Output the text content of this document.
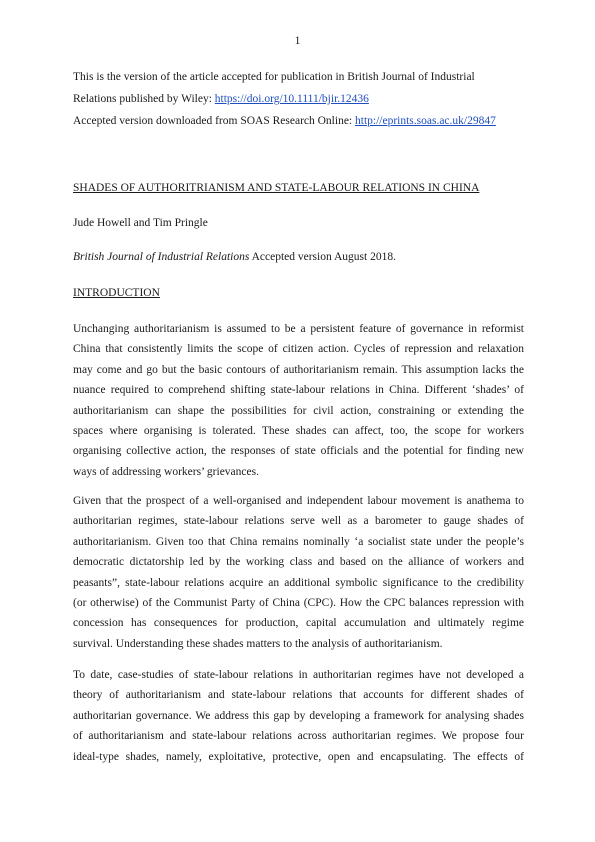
1
This is the version of the article accepted for publication in British Journal of Industrial
Relations published by Wiley: https://doi.org/10.1111/bjir.12436
Accepted version downloaded from SOAS Research Online: http://eprints.soas.ac.uk/29847
SHADES OF AUTHORITRIANISM AND STATE-LABOUR RELATIONS IN CHINA
Jude Howell and Tim Pringle
British Journal of Industrial Relations Accepted version August 2018.
INTRODUCTION
Unchanging authoritarianism is assumed to be a persistent feature of governance in reformist
China that consistently limits the scope of citizen action. Cycles of repression and relaxation
may come and go but the basic contours of authoritarianism remain. This assumption lacks the
nuance required to comprehend shifting state-labour relations in China. Different ‘shades’ of
authoritarianism can shape the possibilities for civil action, constraining or extending the
spaces where organising is tolerated. These shades can affect, too, the scope for workers
organising collective action, the responses of state officials and the potential for finding new
ways of addressing workers’ grievances.
Given that the prospect of a well-organised and independent labour movement is anathema to
authoritarian regimes, state-labour relations serve well as a barometer to gauge shades of
authoritarianism. Given too that China remains nominally ‘a socialist state under the people’s
democratic dictatorship led by the working class and based on the alliance of workers and
peasants”, state-labour relations acquire an additional symbolic significance to the credibility
(or otherwise) of the Communist Party of China (CPC). How the CPC balances repression with
concession has consequences for production, capital accumulation and ultimately regime
survival. Understanding these shades matters to the analysis of authoritarianism.
To date, case-studies of state-labour relations in authoritarian regimes have not developed a
theory of authoritarianism and state-labour relations that accounts for different shades of
authoritarian governance. We address this gap by developing a framework for analysing shades
of authoritarianism and state-labour relations across authoritarian regimes. We propose four
ideal-type shades, namely, exploitative, protective, open and encapsulating. The effects of
